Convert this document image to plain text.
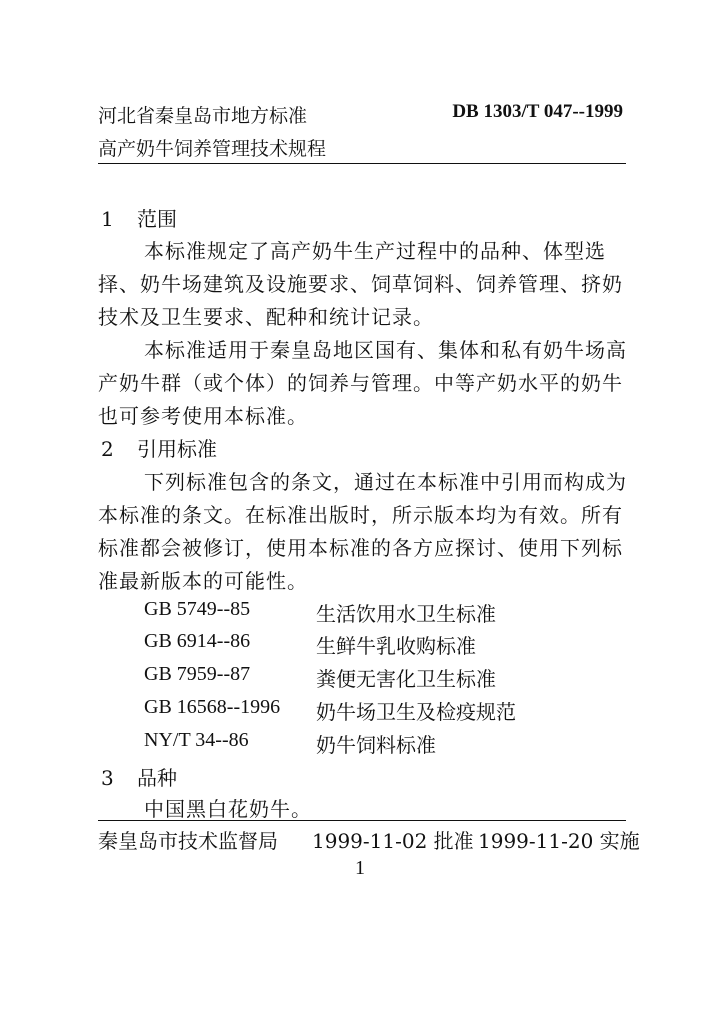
河北省秦皇岛市地方标准	DB 1303/T 047--1999
高产奶牛饲养管理技术规程
1 范围
本标准规定了高产奶牛生产过程中的品种、体型选
择、奶牛场建筑及设施要求、饲草饲料、饲养管理、挤奶
技术及卫生要求、配种和统计记录。
本标准适用于秦皇岛地区国有、集体和私有奶牛场高
产奶牛群（或个体）的饲养与管理。中等产奶水平的奶牛
也可参考使用本标准。
2 引用标准
下列标准包含的条文，通过在本标准中引用而构成为
本标准的条文。在标准出版时，所示版本均为有效。所有
标准都会被修订，使用本标准的各方应探讨、使用下列标
准最新版本的可能性。
GB 5749--85	生活饮用水卫生标准
GB 6914--86	生鲜牛乳收购标准
GB 7959--87	粪便无害化卫生标准
GB 16568--1996 奶牛场卫生及检疫规范
NY/T 34--86	奶牛饲料标准
3 品种
中国黑白花奶牛。
秦皇岛市技术监督局 1999-11-02 批准 1999-11-20 实施
1
